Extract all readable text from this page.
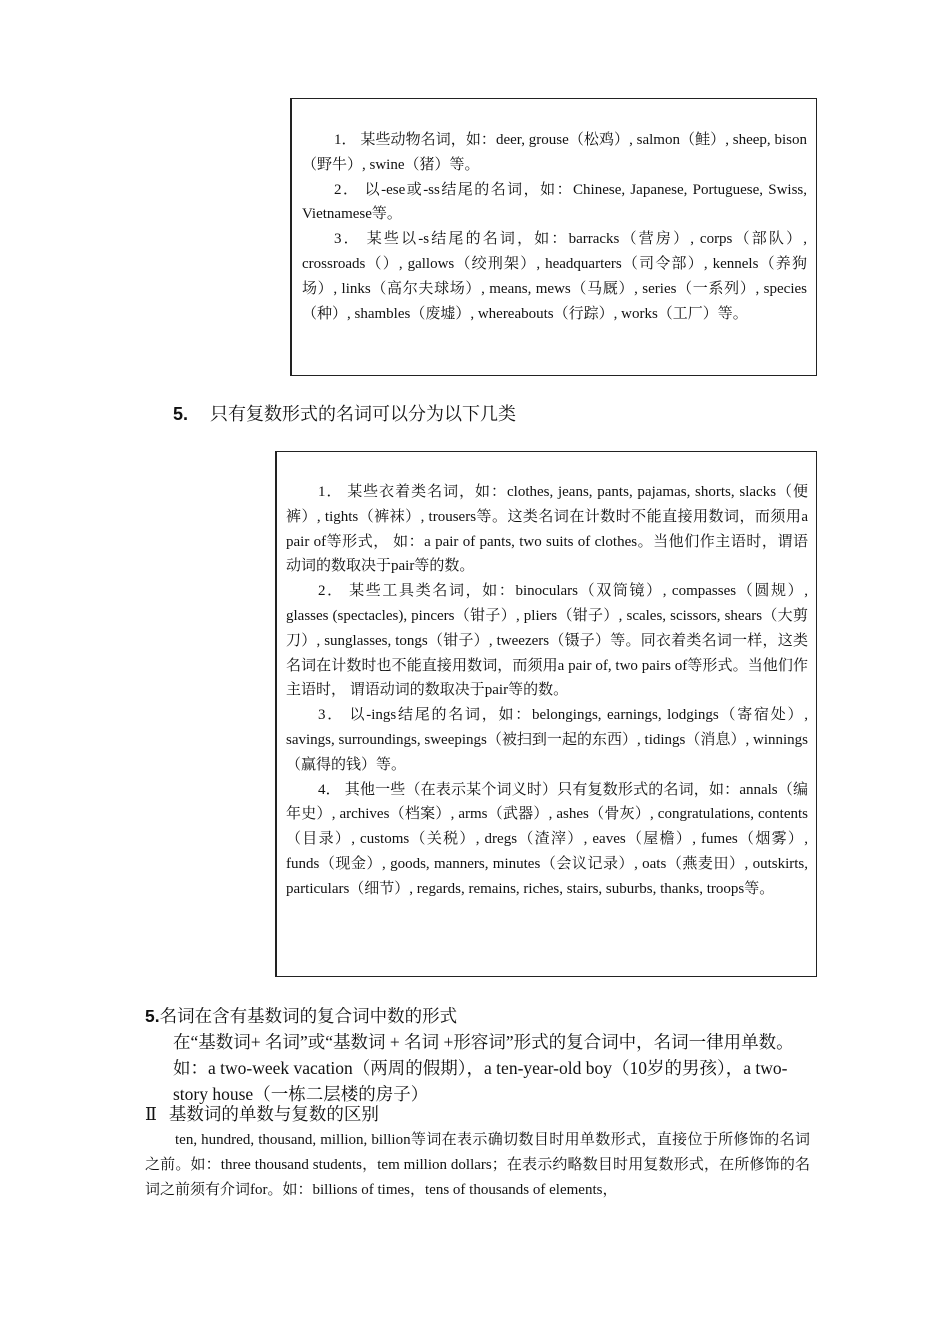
1． 某些动物名词，如：deer, grouse（松鸡）, salmon（鲑）, sheep, bison（野牛）, swine（猪）等。

2． 以-ese或-ss结尾的名词，如：Chinese, Japanese, Portuguese, Swiss, Vietnamese等。

3． 某些以-s结尾的名词，如：barracks（营房）, corps（部队）, crossroads（）, gallows（绞刑架）, headquarters（司令部）, kennels（养狗场）, links（高尔夫球场）, means, mews（马厩）, series（一系列）, species（种）, shambles（废墟）, whereabouts（行踪）, works（工厂）等。

5. 只有复数形式的名词可以分为以下几类

1． 某些衣着类名词，如：clothes, jeans, pants, pajamas, shorts, slacks（便裤）, tights（裤袜）, trousers等。这类名词在计数时不能直接用数词，而须用a pair of等形式， 如：a pair of pants, two suits of clothes。当他们作主语时，谓语动词的数取决于pair等的数。

2． 某些工具类名词，如：binoculars（双筒镜）, compasses（圆规）, glasses (spectacles), pincers（钳子）, pliers（钳子）, scales, scissors, shears（大剪刀）, sunglasses, tongs（钳子）, tweezers（镊子）等。同衣着类名词一样，这类名词在计数时也不能直接用数词，而须用a pair of, two pairs of等形式。当他们作主语时， 谓语动词的数取决于pair等的数。

3． 以-ings结尾的名词，如：belongings, earnings, lodgings（寄宿处）, savings, surroundings, sweepings（被扫到一起的东西）, tidings（消息）, winnings（赢得的钱）等。

4． 其他一些（在表示某个词义时）只有复数形式的名词，如：annals（编年史）, archives（档案）, arms（武器）, ashes（骨灰）, congratulations, contents（目录）, customs（关税）, dregs（渣滓）, eaves（屋檐）, fumes（烟雾）, funds（现金）, goods, manners, minutes（会议记录）, oats（燕麦田）, outskirts, particulars（细节）, regards, remains, riches, stairs, suburbs, thanks, troops等。

5.名词在含有基数词的复合词中数的形式
在“基数词+ 名词”或“基数词 + 名词 +形容词”形式的复合词中，名词一律用单数。如：a two-week vacation（两周的假期），a ten-year-old boy（10岁的男孩），a two-story house（一栋二层楼的房子）
Ⅱ 基数词的单数与复数的区别

ten, hundred, thousand, million, billion等词在表示确切数目时用单数形式，直接位于所修饰的名词之前。如：three thousand students，tem million dollars；在表示约略数目时用复数形式，在所修饰的名词之前须有介词for。如：billions of times，tens of thousands of elements，
